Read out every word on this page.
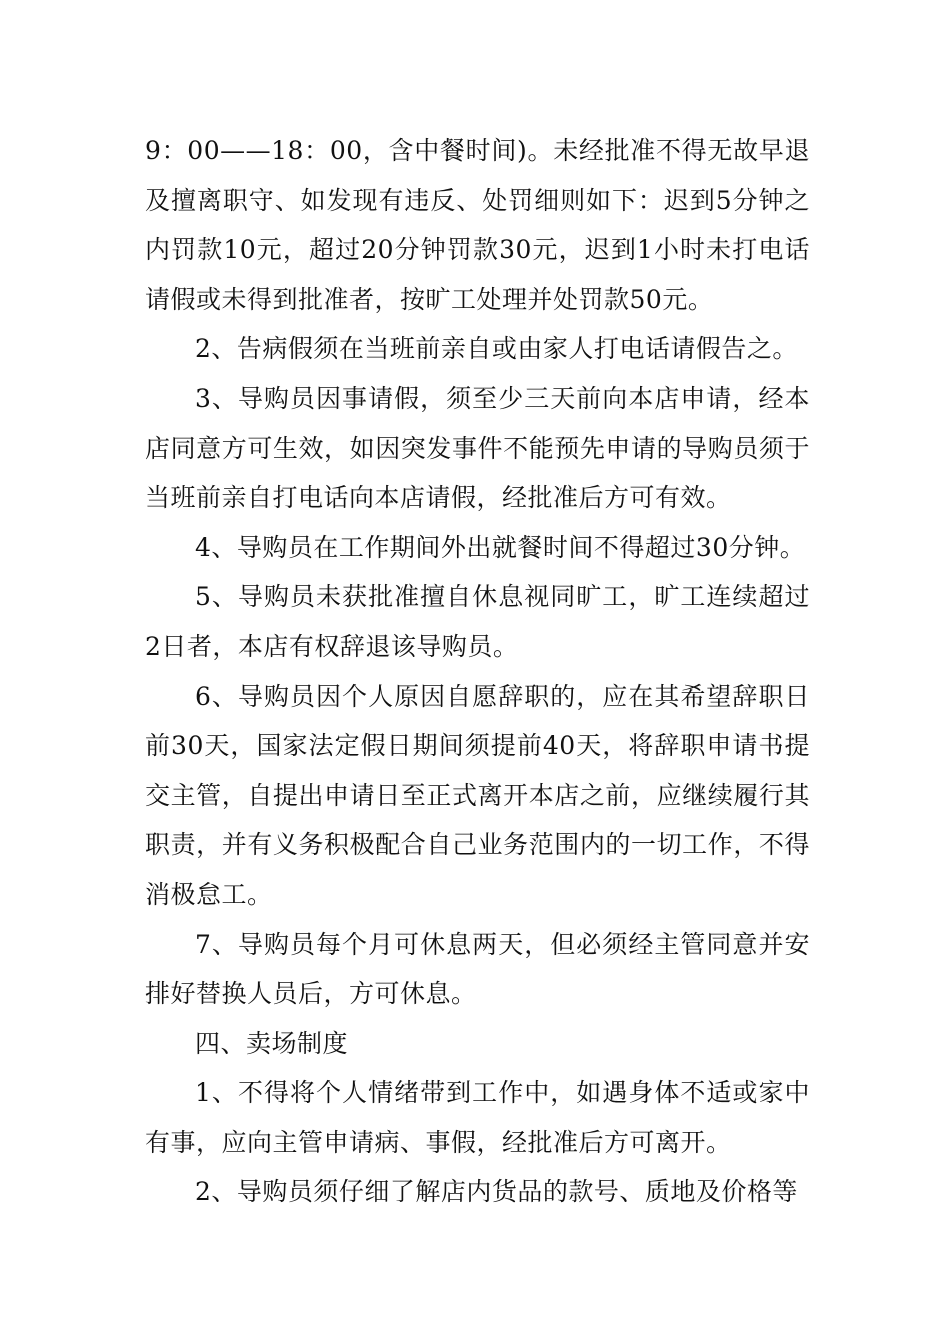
9：00——18：00，含中餐时间)。未经批准不得无故早退及擅离职守、如发现有违反、处罚细则如下：迟到5分钟之内罚款10元，超过20分钟罚款30元，迟到1小时未打电话请假或未得到批准者，按旷工处理并处罚款50元。

2、告病假须在当班前亲自或由家人打电话请假告之。

3、导购员因事请假，须至少三天前向本店申请，经本店同意方可生效，如因突发事件不能预先申请的导购员须于当班前亲自打电话向本店请假，经批准后方可有效。

4、导购员在工作期间外出就餐时间不得超过30分钟。

5、导购员未获批准擅自休息视同旷工，旷工连续超过2日者，本店有权辞退该导购员。

6、导购员因个人原因自愿辞职的，应在其希望辞职日前30天，国家法定假日期间须提前40天，将辞职申请书提交主管，自提出申请日至正式离开本店之前，应继续履行其职责，并有义务积极配合自己业务范围内的一切工作，不得消极怠工。

7、导购员每个月可休息两天，但必须经主管同意并安排好替换人员后，方可休息。

四、卖场制度

1、不得将个人情绪带到工作中，如遇身体不适或家中有事，应向主管申请病、事假，经批准后方可离开。

2、导购员须仔细了解店内货品的款号、质地及价格等
